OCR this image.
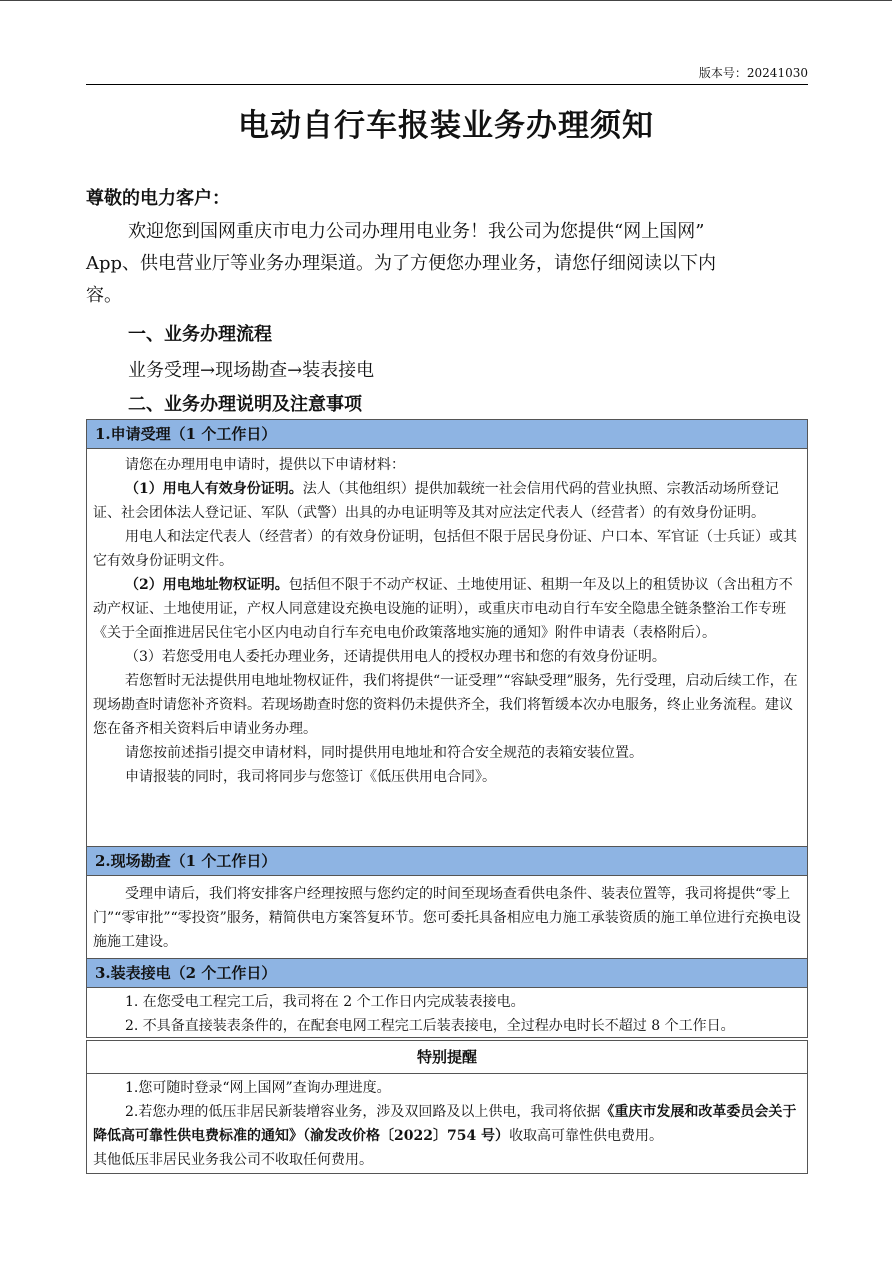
版本号：20241030
电动自行车报装业务办理须知
尊敬的电力客户：

欢迎您到国网重庆市电力公司办理用电业务！我公司为您提供“网上国网”
App、供电营业厅等业务办理渠道。为了方便您办理业务，请您仔细阅读以下内
容。

一、业务办理流程
业务受理→现场勘查→装表接电
二、业务办理说明及注意事项
1.申请受理（1 个工作日）

请您在办理用电申请时，提供以下申请材料：

（1）用电人有效身份证明。法人（其他组织）提供加载统一社会信用代码的营业执照、宗教活动场所登记证、社会团体法人登记证、军队（武警）出具的办电证明等及其对应法定代表人（经营者）的有效身份证明。

用电人和法定代表人（经营者）的有效身份证明，包括但不限于居民身份证、户口本、军官证（士兵证）或其它有效身份证明文件。

（2）用电地址物权证明。包括但不限于不动产权证、土地使用证、租期一年及以上的租赁协议（含出租方不动产权证、土地使用证，产权人同意建设充换电设施的证明），或重庆市电动自行车安全隐患全链条整治工作专班《关于全面推进居民住宅小区内电动自行车充电电价政策落地实施的通知》附件申请表（表格附后）。

（3）若您受用电人委托办理业务，还请提供用电人的授权办理书和您的有效身份证明。

若您暂时无法提供用电地址物权证件，我们将提供“一证受理”“容缺受理”服务，先行受理，启动后续工作，在现场勘查时请您补齐资料。若现场勘查时您的资料仍未提供齐全，我们将暂缓本次办电服务，终止业务流程。建议您在备齐相关资料后申请业务办理。

请您按前述指引提交申请材料，同时提供用电地址和符合安全规范的表箱安装位置。

申请报装的同时，我司将同步与您签订《低压供用电合同》。

2.现场勘查（1 个工作日）

受理申请后，我们将安排客户经理按照与您约定的时间至现场查看供电条件、装表位置等，我司将提供“零上门”“零审批”“零投资”服务，精简供电方案答复环节。您可委托具备相应电力施工承装资质的施工单位进行充换电设施施工建设。

3.装表接电（2 个工作日）

1. 在您受电工程完工后，我司将在 2 个工作日内完成装表接电。

2. 不具备直接装表条件的，在配套电网工程完工后装表接电，全过程办电时长不超过 8 个工作日。

特别提醒

1.您可随时登录“网上国网”查询办理进度。

2.若您办理的低压非居民新装增容业务，涉及双回路及以上供电，我司将依据《重庆市发展和改革委员会关于降低高可靠性供电费标准的通知》（渝发改价格〔2022〕754 号）收取高可靠性供电费用。

其他低压非居民业务我公司不收取任何费用。
